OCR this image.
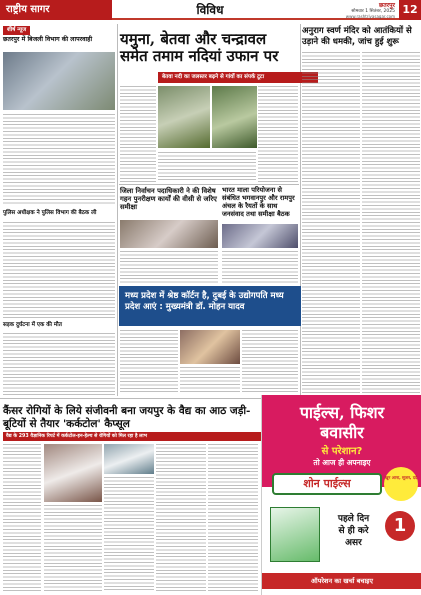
राष्ट्रीय सागर	विविध	छतरपुर
सोमवार 1 सितंबर, 2025
www.rashtriyasagar.com
12
शीर्ष न्यूज
छतरपुर में बिजली विभाग की लापरवाही
पुलिस अधीक्षक ने पुलिस विभाग की बैठक ली
सड़क दुर्घटना में एक की मौत
यमुना, बेतवा और चन्द्रावल समेत तमाम नदियां उफान पर
बेतवा नदी का जलस्तर बढ़ने से गांवों का संपर्क टूटा
अनुराग स्वर्ण मंदिर को आतंकियों से उड़ाने की धमकी, जांच हुई शुरू
जिला निर्वाचन पदाधिकारी ने की विशेष गहन पुनरीक्षण कार्यों की वीसी से जरिए समीक्षा
भारत माला परियोजना से संबंधित भगवानपुर और रामपुर अंचल के रैयतों के साथ जनसंवाद तथा समीक्षा बैठक
मध्य प्रदेश में श्रेष्ठ कॉर्टन है, दुबई के उद्योगपति मध्य प्रदेश आएं : मुख्यमंत्री डॉ. मोहन यादव
कैंसर रोगियों के लिये संजीवनी बना जयपुर के वैद्य का आठ जड़ी-बूटियों से तैयार 'कर्कटोल' कैप्सूल
वैद्य के 293 वैज्ञानिक रिपर्ट में कर्कटोल-इन-हेल्थ से रोगियों को मिल रहा है लाभ
पाईल्स, फिशर
बवासीर
से परेशान?
तो आज ही अपनाइए
शोन पाईल्स	खून आना, सूजन, दर्द
पहले दिन
से ही करे
असर
1
ऑपरेशन का खर्चा बचाइए
